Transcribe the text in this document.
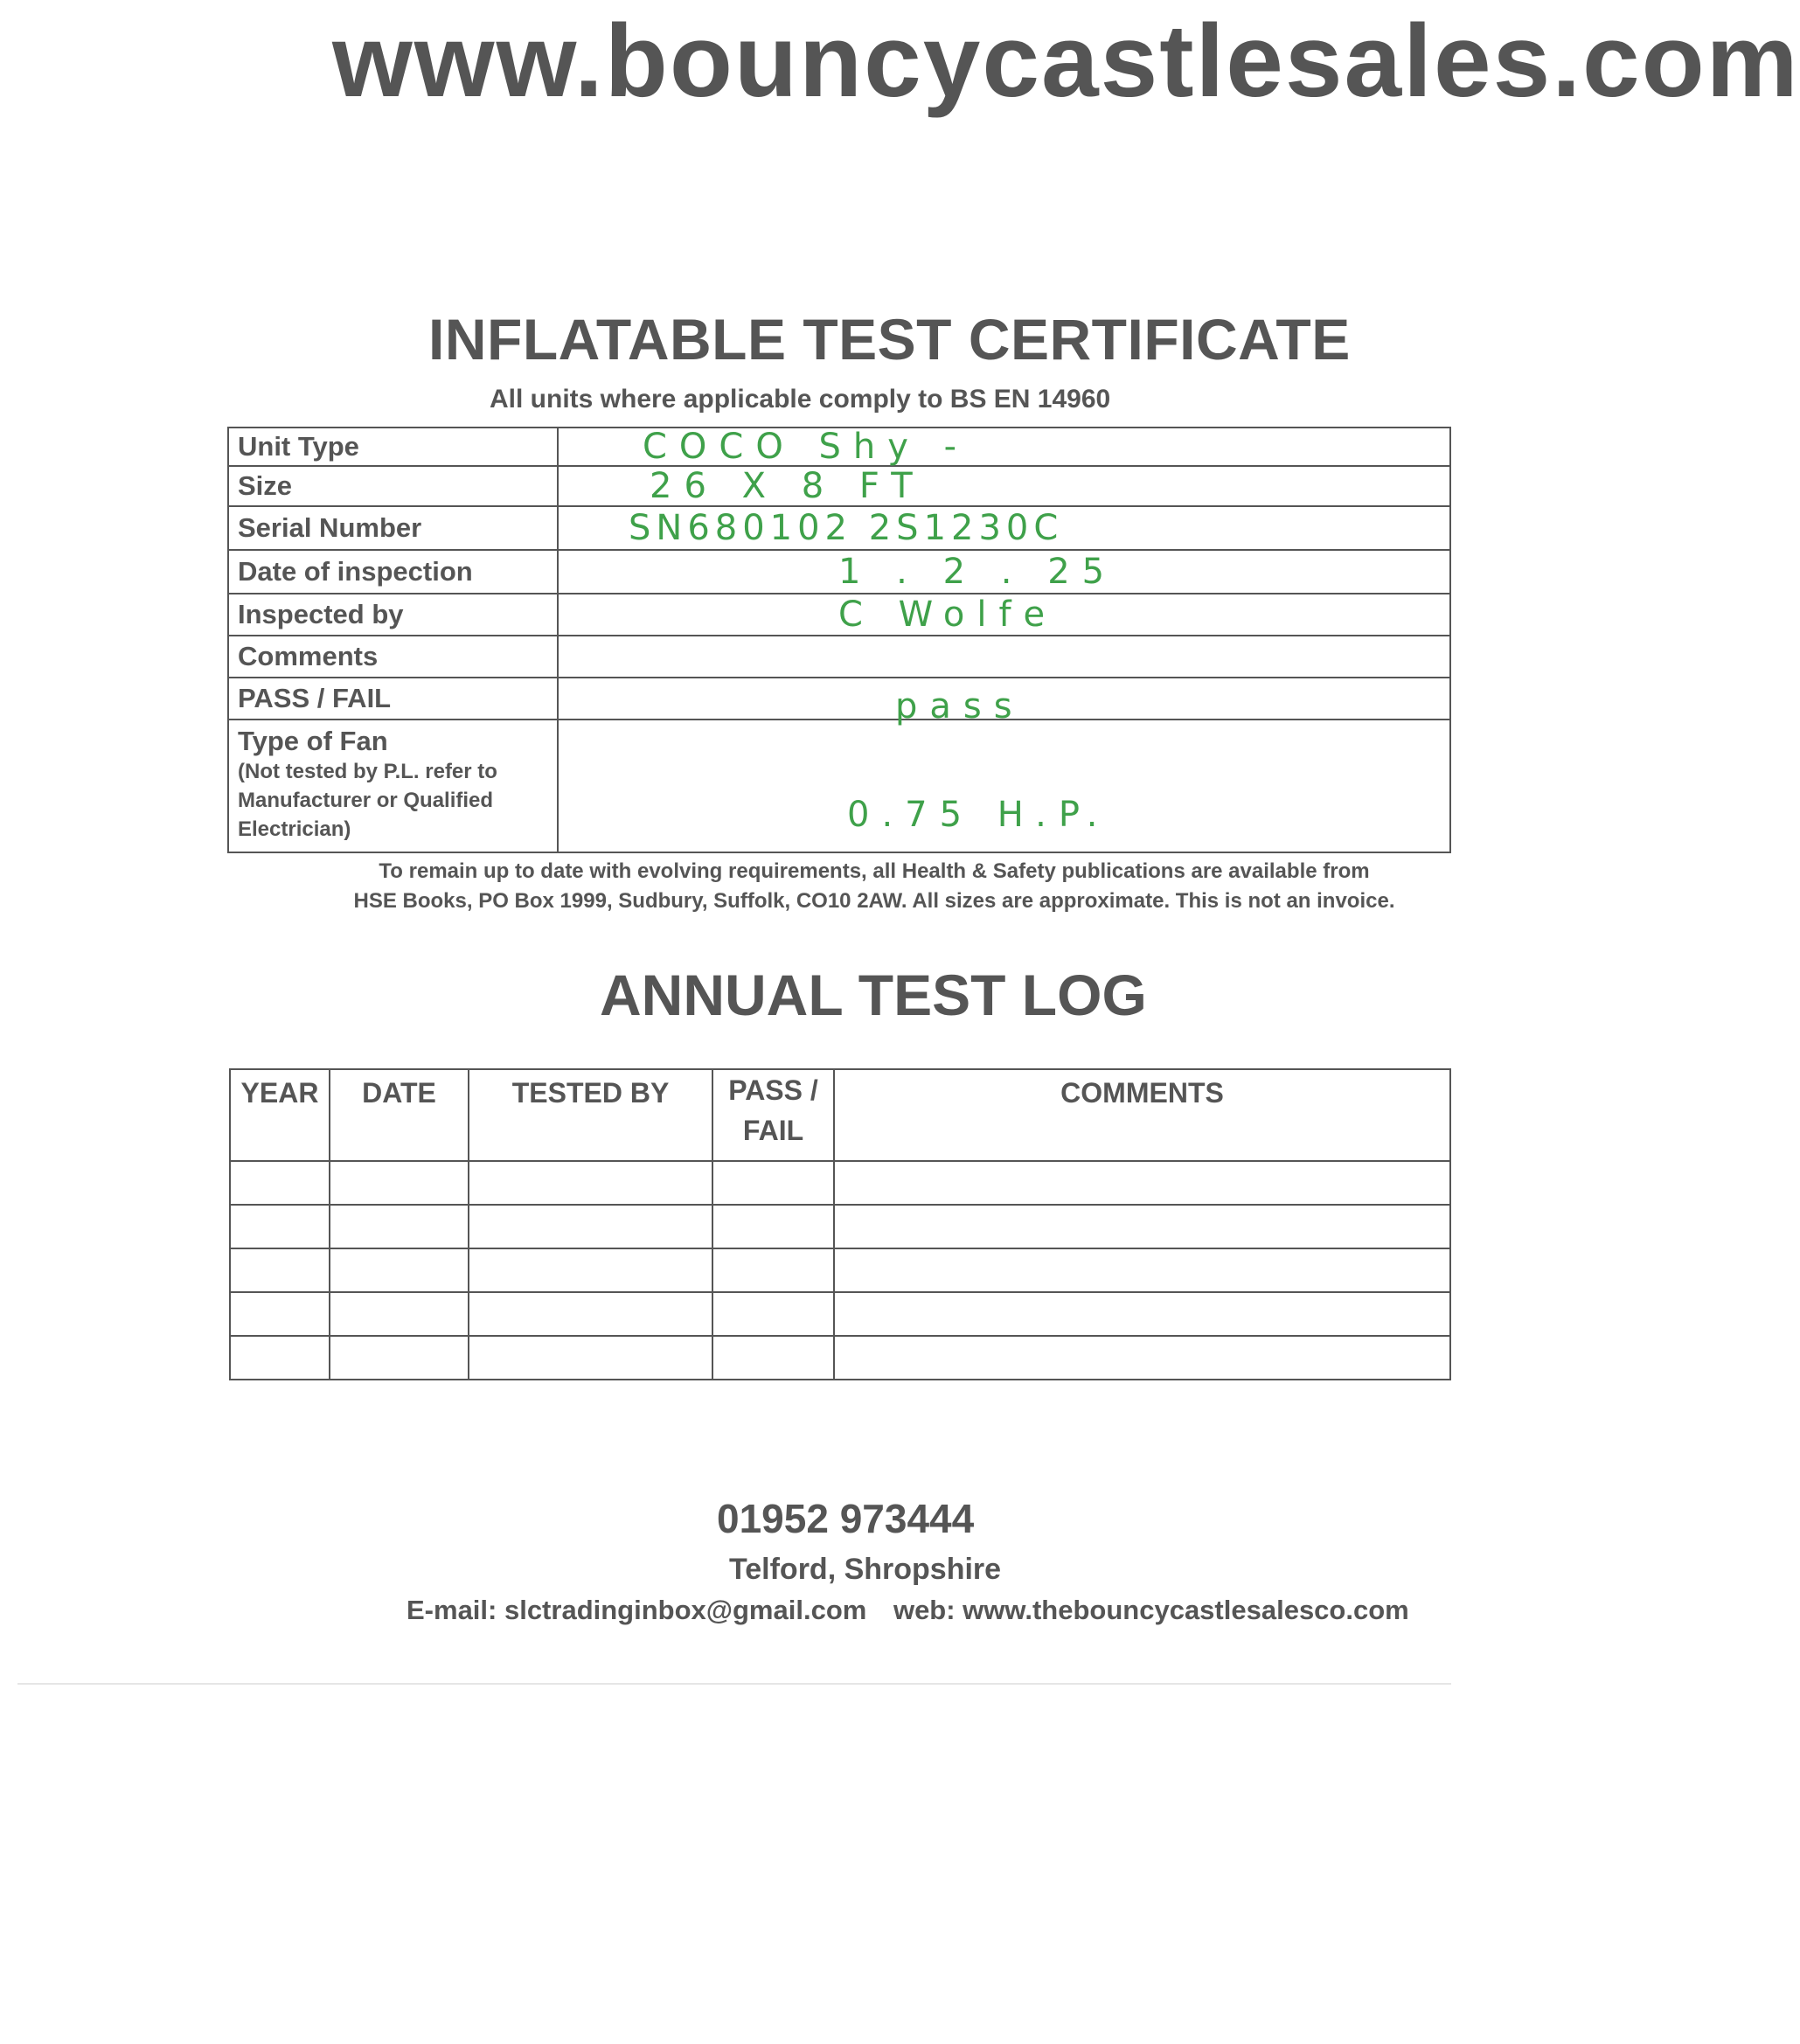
www.bouncycastlesales.com
INFLATABLE TEST CERTIFICATE
All units where applicable comply to BS EN 14960
Unit Type	COCO Shy -

Size	26 X 8 FT

Serial Number	SN680102 2S1230C

Date of inspection	1 . 2 . 25

Inspected by	C Wolfe

Comments	

PASS / FAIL	pass

Type of Fan
(Not tested by P.L. refer to Manufacturer or Qualified Electrician)	0.75 H.P.
To remain up to date with evolving requirements, all Health & Safety publications are available from
HSE Books, PO Box 1999, Sudbury, Suffolk, CO10 2AW. All sizes are approximate. This is not an invoice.
ANNUAL TEST LOG
YEAR	DATE	TESTED BY	PASS / FAIL	COMMENTS

01952 973444
Telford, Shropshire
E-mail: slctradinginbox@gmail.com web: www.thebouncycastlesalesco.com
